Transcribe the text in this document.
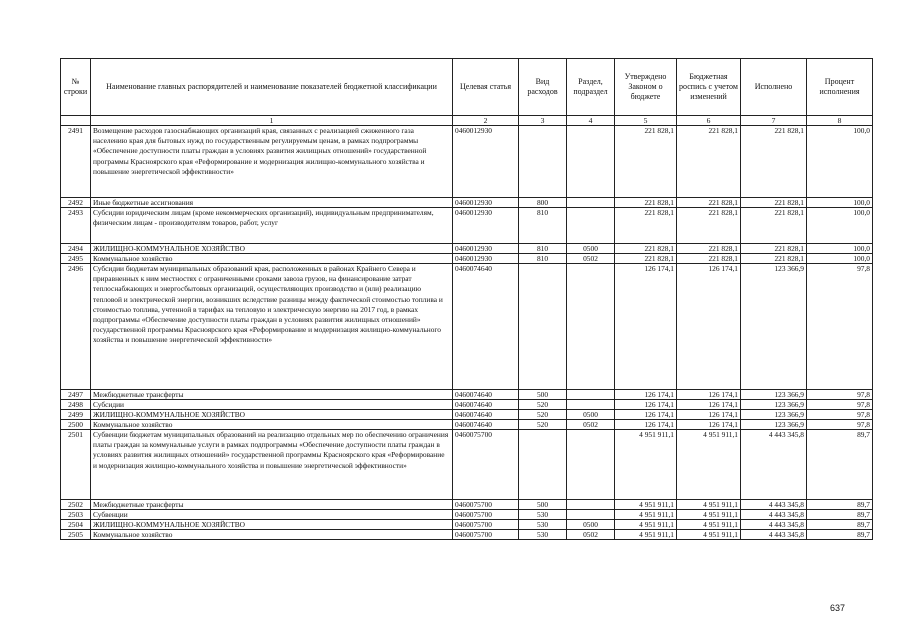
№ строки	Наименование главных распорядителей и наименование показателей бюджетной классификации	Целевая статья	Вид расходов	Раздел, подраздел	Утверждено Законом о бюджете	Бюджетная роспись с учетом изменений	Исполнено	Процент исполнения
	1	2	3	4	5	6	7	8
2491	Возмещение расходов газоснабжающих организаций края, связанных с реализацией сжиженного газа населению края для бытовых нужд по государственным регулируемым ценам, в рамках подпрограммы «Обеспечение доступности платы граждан в условиях развития жилищных отношений» государственной программы Красноярского края «Реформирование и модернизация жилищно-коммунального хозяйства и повышение энергетической эффективности»	0460012930			221 828,1	221 828,1	221 828,1	100,0
2492	Иные бюджетные ассигнования	0460012930	800		221 828,1	221 828,1	221 828,1	100,0
2493	Субсидии юридическим лицам (кроме некоммерческих организаций), индивидуальным предпринимателям, физическим лицам - производителям товаров, работ, услуг	0460012930	810		221 828,1	221 828,1	221 828,1	100,0
2494	ЖИЛИЩНО-КОММУНАЛЬНОЕ ХОЗЯЙСТВО	0460012930	810	0500	221 828,1	221 828,1	221 828,1	100,0
2495	Коммунальное хозяйство	0460012930	810	0502	221 828,1	221 828,1	221 828,1	100,0
2496	Субсидии бюджетам муниципальных образований края, расположенных в районах Крайнего Севера и приравненных к ним местностях с ограниченными сроками завоза грузов, на финансирование затрат теплоснабжающих и энергосбытовых организаций, осуществляющих производство и (или) реализацию тепловой и электрической энергии, возникших вследствие разницы между фактической стоимостью топлива и стоимостью топлива, учтенной в тарифах на тепловую и электрическую энергию на 2017 год, в рамках подпрограммы «Обеспечение доступности платы граждан в условиях развития жилищных отношений» государственной программы Красноярского края «Реформирование и модернизация жилищно-коммунального хозяйства и повышение энергетической эффективности»	0460074640			126 174,1	126 174,1	123 366,9	97,8
2497	Межбюджетные трансферты	0460074640	500		126 174,1	126 174,1	123 366,9	97,8
2498	Субсидии	0460074640	520		126 174,1	126 174,1	123 366,9	97,8
2499	ЖИЛИЩНО-КОММУНАЛЬНОЕ ХОЗЯЙСТВО	0460074640	520	0500	126 174,1	126 174,1	123 366,9	97,8
2500	Коммунальное хозяйство	0460074640	520	0502	126 174,1	126 174,1	123 366,9	97,8
2501	Субвенции бюджетам муниципальных образований на реализацию отдельных мер по обеспечению ограничения платы граждан за коммунальные услуги в рамках подпрограммы «Обеспечение доступности платы граждан в условиях развития жилищных отношений» государственной программы Красноярского края «Реформирование и модернизация жилищно-коммунального хозяйства и повышение энергетической эффективности»	0460075700			4 951 911,1	4 951 911,1	4 443 345,8	89,7
2502	Межбюджетные трансферты	0460075700	500		4 951 911,1	4 951 911,1	4 443 345,8	89,7
2503	Субвенции	0460075700	530		4 951 911,1	4 951 911,1	4 443 345,8	89,7
2504	ЖИЛИЩНО-КОММУНАЛЬНОЕ ХОЗЯЙСТВО	0460075700	530	0500	4 951 911,1	4 951 911,1	4 443 345,8	89,7
2505	Коммунальное хозяйство	0460075700	530	0502	4 951 911,1	4 951 911,1	4 443 345,8	89,7
637
